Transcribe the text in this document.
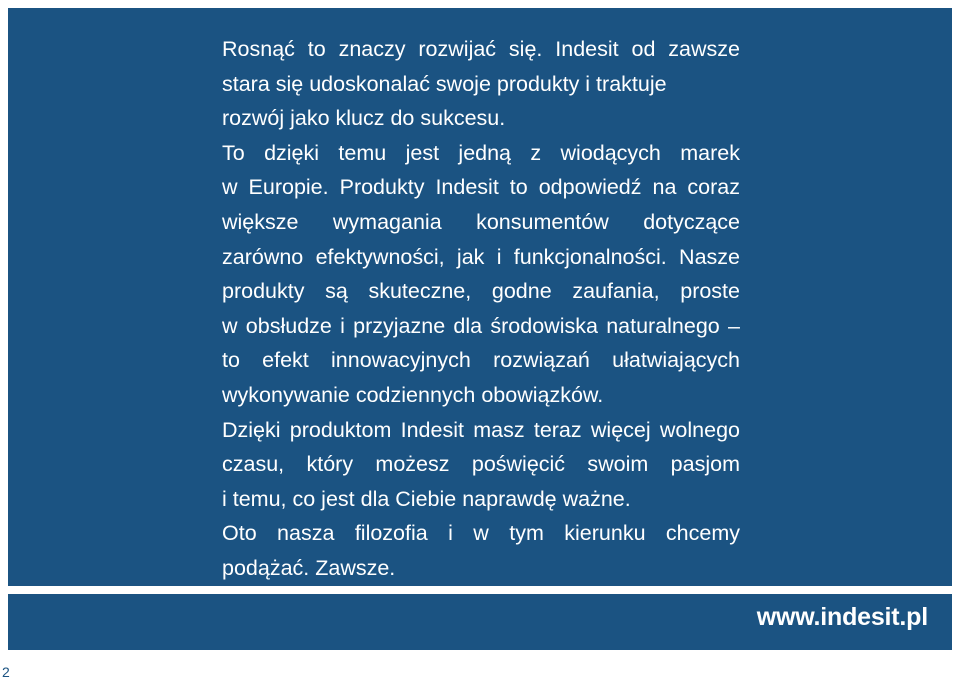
Rosnąć to znaczy rozwijać się. Indesit od zawsze
stara się udoskonalać swoje produkty i traktuje
rozwój jako klucz do sukcesu.
To dzięki temu jest jedną z wiodących marek
w Europie. Produkty Indesit to odpowiedź na coraz
większe wymagania konsumentów dotyczące
zarówno efektywności, jak i funkcjonalności. Nasze
produkty są skuteczne, godne zaufania, proste
w obsłudze i przyjazne dla środowiska naturalnego –
to efekt innowacyjnych rozwiązań ułatwiających
wykonywanie codziennych obowiązków.
Dzięki produktom Indesit masz teraz więcej wolnego
czasu, który możesz poświęcić swoim pasjom
i temu, co jest dla Ciebie naprawdę ważne.
Oto nasza filozofia i w tym kierunku chcemy
podążać. Zawsze.
www.indesit.pl
2
